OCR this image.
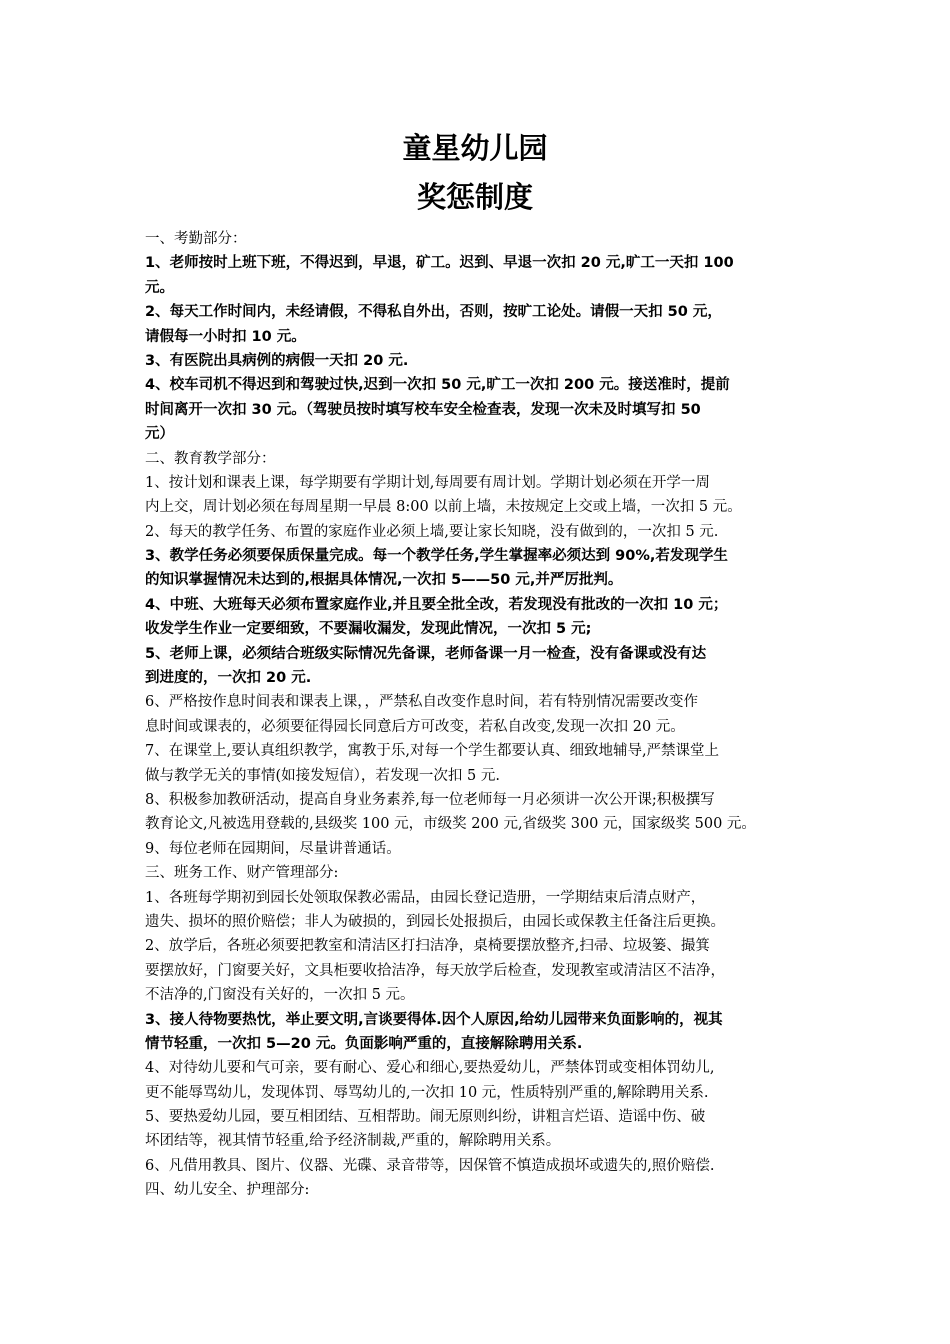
童星幼儿园
奖惩制度
一、考勤部分：
1、老师按时上班下班，不得迟到，早退，矿工。迟到、早退一次扣 20 元,旷工一天扣 100
元。
2、每天工作时间内，未经请假，不得私自外出，否则，按旷工论处。请假一天扣 50 元，
请假每一小时扣 10 元。
3、有医院出具病例的病假一天扣 20 元.
4、校车司机不得迟到和驾驶过快,迟到一次扣 50 元,旷工一次扣 200 元。接送准时，提前
时间离开一次扣 30 元。（驾驶员按时填写校车安全检查表，发现一次未及时填写扣 50
元）
二、教育教学部分：
1、按计划和课表上课，每学期要有学期计划,每周要有周计划。学期计划必须在开学一周
内上交，周计划必须在每周星期一早晨 8:00 以前上墙，未按规定上交或上墙，一次扣 5 元。
2、每天的教学任务、布置的家庭作业必须上墙,要让家长知晓，没有做到的，一次扣 5 元.
3、教学任务必须要保质保量完成。每一个教学任务,学生掌握率必须达到 90%,若发现学生
的知识掌握情况未达到的,根据具体情况,一次扣 5——50 元,并严厉批判。
4、中班、大班每天必须布置家庭作业,并且要全批全改，若发现没有批改的一次扣 10 元；
收发学生作业一定要细致，不要漏收漏发，发现此情况，一次扣 5 元;
5、老师上课，必须结合班级实际情况先备课，老师备课一月一检查，没有备课或没有达
到进度的，一次扣 20 元.
6、严格按作息时间表和课表上课，，严禁私自改变作息时间，若有特别情况需要改变作
息时间或课表的，必须要征得园长同意后方可改变，若私自改变,发现一次扣 20 元。
7、在课堂上,要认真组织教学，寓教于乐,对每一个学生都要认真、细致地辅导,严禁课堂上
做与教学无关的事情(如接发短信），若发现一次扣 5 元.
8、积极参加教研活动，提高自身业务素养,每一位老师每一月必须讲一次公开课;积极撰写
教育论文,凡被选用登载的,县级奖 100 元，市级奖 200 元,省级奖 300 元，国家级奖 500 元。
9、每位老师在园期间，尽量讲普通话。
三、班务工作、财产管理部分:
1、各班每学期初到园长处领取保教必需品，由园长登记造册，一学期结束后清点财产，
遗失、损坏的照价赔偿；非人为破损的，到园长处报损后，由园长或保教主任备注后更换。
2、放学后，各班必须要把教室和清洁区打扫洁净，桌椅要摆放整齐,扫帚、垃圾篓、撮箕
要摆放好，门窗要关好，文具柜要收拾洁净，每天放学后检查，发现教室或清洁区不洁净，
不洁净的,门窗没有关好的，一次扣 5 元。
3、接人待物要热忱，举止要文明,言谈要得体.因个人原因,给幼儿园带来负面影响的，视其
情节轻重，一次扣 5—20 元。负面影响严重的，直接解除聘用关系.
4、对待幼儿要和气可亲，要有耐心、爱心和细心,要热爱幼儿，严禁体罚或变相体罚幼儿,
更不能辱骂幼儿，发现体罚、辱骂幼儿的,一次扣 10 元，性质特别严重的,解除聘用关系.
5、要热爱幼儿园，要互相团结、互相帮助。闹无原则纠纷，讲粗言烂语、造谣中伤、破
坏团结等，视其情节轻重,给予经济制裁,严重的，解除聘用关系。
6、凡借用教具、图片、仪器、光碟、录音带等，因保管不慎造成损坏或遗失的,照价赔偿.
四、幼儿安全、护理部分:
